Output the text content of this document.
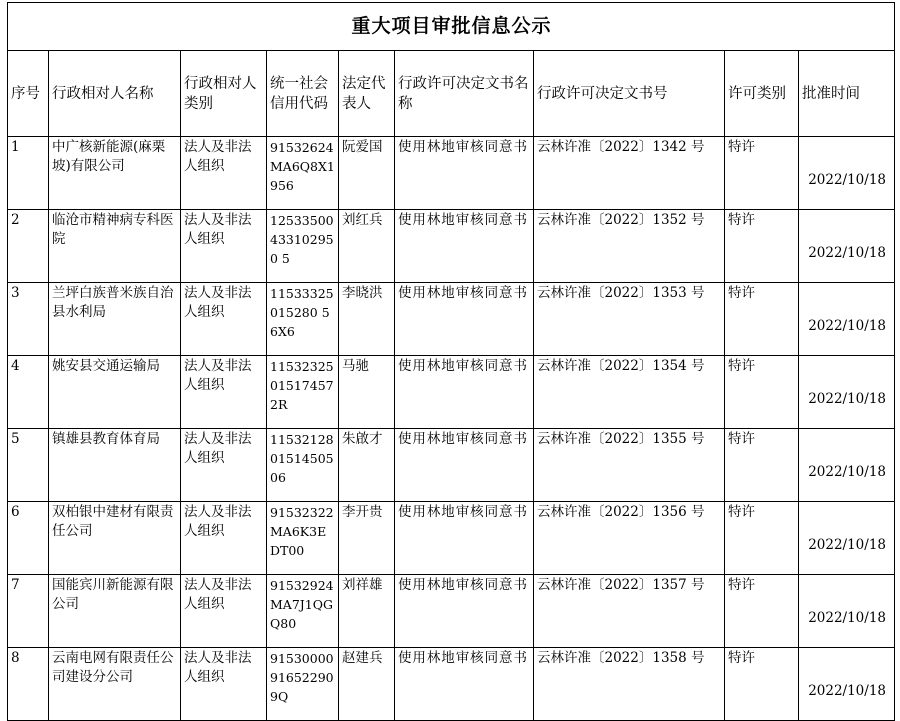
重大项目审批信息公示								
序号	行政相对人名称	行政相对人类别	统一社会信用代码	法定代表人	行政许可决定文书名称	行政许可决定文书号	许可类别	批准时间
1	中广核新能源(麻栗坡)有限公司	法人及非法人组织	91532624MA6Q8X1956	阮爱国	使用林地审核同意书	云林许准〔2022〕1342 号	特许	2022/10/18
2	临沧市精神病专科医院	法人及非法人组织	12533500433102950 5	刘红兵	使用林地审核同意书	云林许准〔2022〕1352 号	特许	2022/10/18
3	兰坪白族普米族自治县水利局	法人及非法人组织	11533325015280 56X6	李晓洪	使用林地审核同意书	云林许准〔2022〕1353 号	特许	2022/10/18
4	姚安县交通运输局	法人及非法人组织	11532325015174572R	马驰	使用林地审核同意书	云林许准〔2022〕1354 号	特许	2022/10/18
5	镇雄县教育体育局	法人及非法人组织	115321280151450506	朱啟才	使用林地审核同意书	云林许准〔2022〕1355 号	特许	2022/10/18
6	双柏银中建材有限责任公司	法人及非法人组织	91532322MA6K3EDT00	李开贵	使用林地审核同意书	云林许准〔2022〕1356 号	特许	2022/10/18
7	国能宾川新能源有限公司	法人及非法人组织	91532924MA7J1QGQ80	刘祥雄	使用林地审核同意书	云林许准〔2022〕1357 号	特许	2022/10/18
8	云南电网有限责任公司建设分公司	法人及非法人组织	91530000916522909Q	赵建兵	使用林地审核同意书	云林许准〔2022〕1358 号	特许	2022/10/18
